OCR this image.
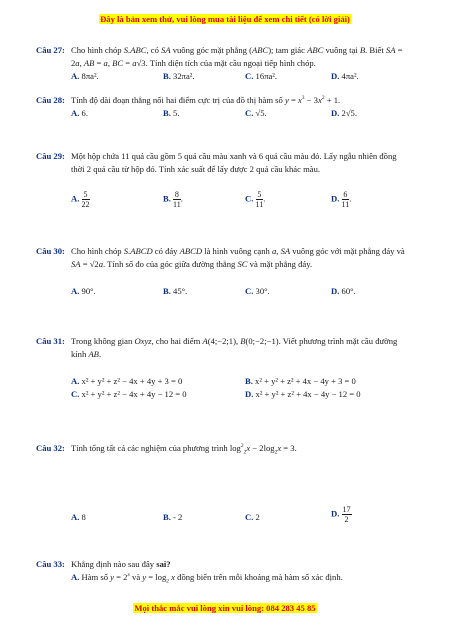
Đây là bản xem thử, vui lòng mua tài liệu để xem chi tiết (có lời giải)
Câu 27: Cho hình chóp S.ABC, có SA vuông góc mặt phẳng (ABC); tam giác ABC vuông tại B. Biết SA = 2a, AB = a, BC = a√3. Tính diện tích của mặt cầu ngoại tiếp hình chóp.
A. 8πa².	B. 32πa².	C. 16πa².	D. 4πa².
Câu 28: Tính độ dài đoạn thẳng nối hai điểm cực trị của đồ thị hàm số $y = x^3 - 3x^2 + 1$.
A. 6.	B. 5.	C. √5.	D. 2√5.
Câu 29: Một hộp chứa 11 quả cầu gồm 5 quả cầu màu xanh và 6 quả cầu màu đỏ. Lấy ngẫu nhiên đồng thời 2 quả cầu từ hộp đó. Tính xác suất để lấy được 2 quả cầu khác màu.
A. $\frac{5}{22}$	B. $\frac{8}{11}$ .	C. $\frac{5}{11}$ .	D. $\frac{6}{11}$ .
Câu 30: Cho hình chóp S.ABCD có đáy ABCD là hình vuông cạnh a, SA vuông góc với mặt phẳng đáy và SA = √2a. Tính số đo của góc giữa đường thẳng SC và mặt phẳng đáy.
A. 90°.	B. 45°.	C. 30°.	D. 60°.
Câu 31: Trong không gian Oxyz, cho hai điểm A(4;−2;1), B(0;−2;−1). Viết phương trình mặt cầu đường kính AB.
A. x² + y² + z² − 4x + 4y + 3 = 0	B. x² + y² + z² + 4x − 4y + 3 = 0
C. x² + y² + z² − 4x + 4y − 12 = 0	D. x² + y² + z² + 4x − 4y − 12 = 0
Câu 32: Tính tổng tất cả các nghiệm của phương trình $\log^2_2x - 2\log_2x = 3$.
A. 8	B. - 2	C. 2	D. $\frac{17}{2}$
Câu 33: Khẳng định nào sau đây sai?
A. Hàm số $y = 2^x$ và $y = \log_2 x$ đồng biến trên mỗi khoảng mà hàm số xác định.
Mọi thắc mắc vui lòng xin vui lòng: 084 283 45 85
